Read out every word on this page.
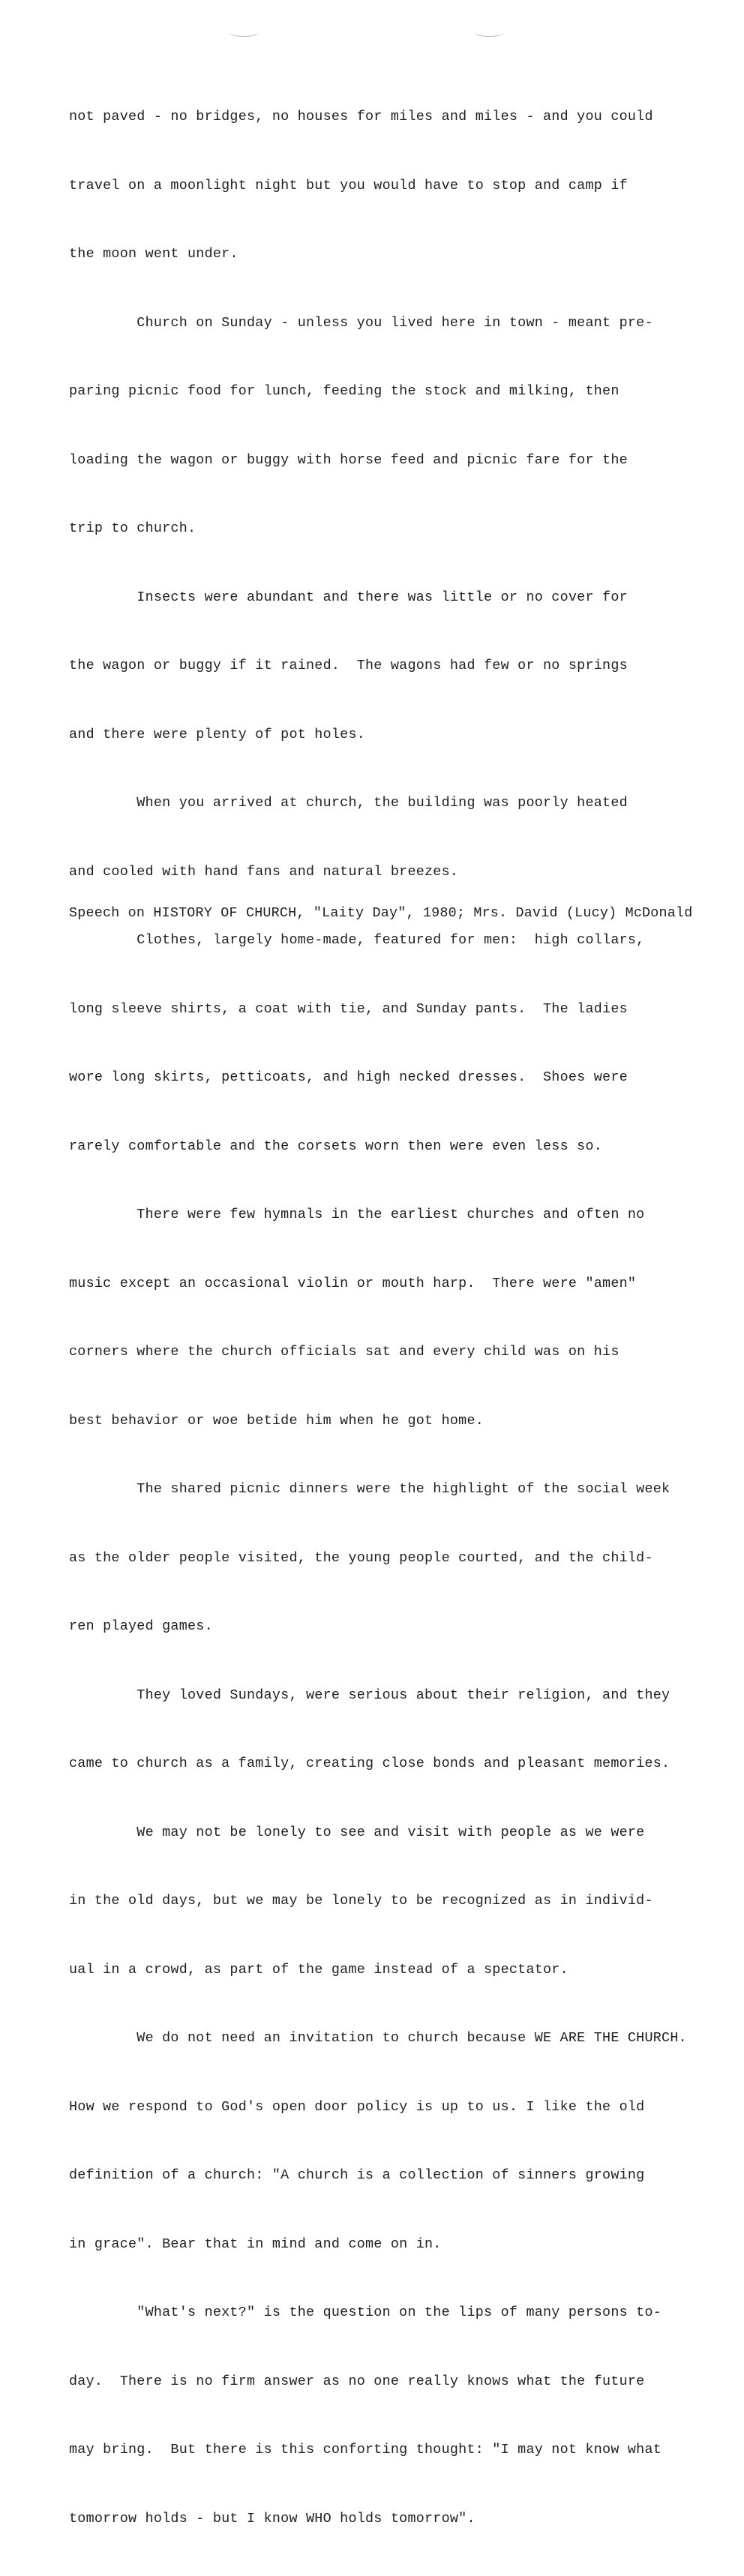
not paved - no bridges, no houses for miles and miles - and you could

travel on a moonlight night but you would have to stop and camp if

the moon went under.

Church on Sunday - unless you lived here in town - meant pre-

paring picnic food for lunch, feeding the stock and milking, then

loading the wagon or buggy with horse feed and picnic fare for the

trip to church.

Insects were abundant and there was little or no cover for

the wagon or buggy if it rained.  The wagons had few or no springs

and there were plenty of pot holes.

When you arrived at church, the building was poorly heated

and cooled with hand fans and natural breezes.

Clothes, largely home-made, featured for men:  high collars,

long sleeve shirts, a coat with tie, and Sunday pants.  The ladies

wore long skirts, petticoats, and high necked dresses.  Shoes were

rarely comfortable and the corsets worn then were even less so.

There were few hymnals in the earliest churches and often no

music except an occasional violin or mouth harp.  There were "amen"

corners where the church officials sat and every child was on his

best behavior or woe betide him when he got home.

The shared picnic dinners were the highlight of the social week

as the older people visited, the young people courted, and the child-

ren played games.

They loved Sundays, were serious about their religion, and they

came to church as a family, creating close bonds and pleasant memories.

We may not be lonely to see and visit with people as we were

in the old days, but we may be lonely to be recognized as in individ-

ual in a crowd, as part of the game instead of a spectator.

We do not need an invitation to church because WE ARE THE CHURCH.

How we respond to God's open door policy is up to us. I like the old

definition of a church: "A church is a collection of sinners growing

in grace". Bear that in mind and come on in.

"What's next?" is the question on the lips of many persons to-

day.  There is no firm answer as no one really knows what the future

may bring.  But there is this conforting thought: "I may not know what

tomorrow holds - but I know WHO holds tomorrow".

Speech on HISTORY OF CHURCH, "Laity Day", 1980; Mrs. David (Lucy) McDonald
